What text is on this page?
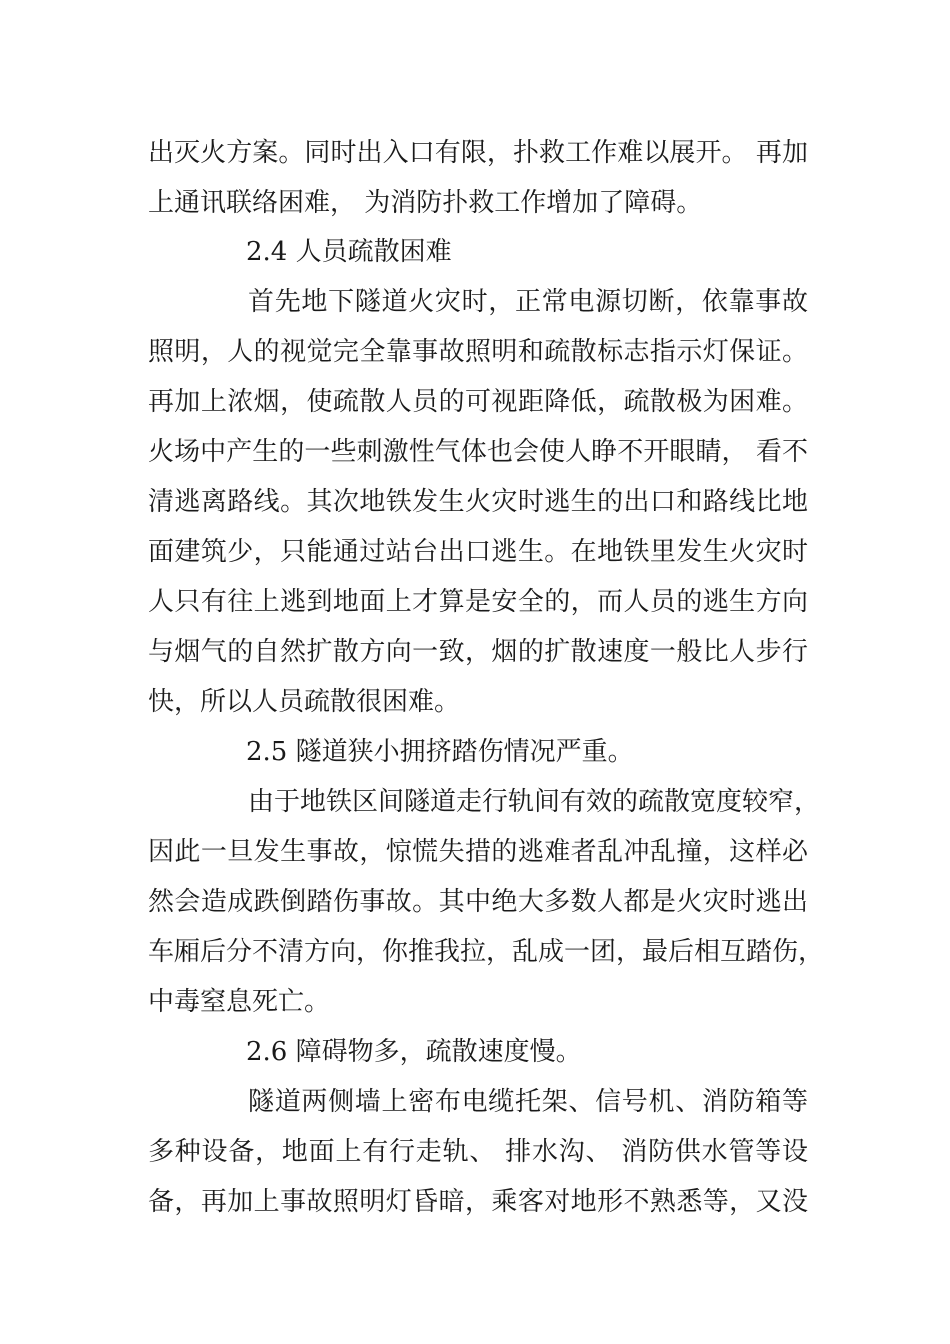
出灭火方案。同时出入口有限，扑救工作难以展开。 再加
上通讯联络困难， 为消防扑救工作增加了障碍。
2.4 人员疏散困难
首先地下隧道火灾时，正常电源切断，依靠事故
照明，人的视觉完全靠事故照明和疏散标志指示灯保证。
再加上浓烟，使疏散人员的可视距降低，疏散极为困难。
火场中产生的一些刺激性气体也会使人睁不开眼睛， 看不
清逃离路线。其次地铁发生火灾时逃生的出口和路线比地
面建筑少，只能通过站台出口逃生。在地铁里发生火灾时
人只有往上逃到地面上才算是安全的，而人员的逃生方向
与烟气的自然扩散方向一致，烟的扩散速度一般比人步行
快，所以人员疏散很困难。
2.5 隧道狭小拥挤踏伤情况严重。
由于地铁区间隧道走行轨间有效的疏散宽度较窄，
因此一旦发生事故，惊慌失措的逃难者乱冲乱撞，这样必
然会造成跌倒踏伤事故。其中绝大多数人都是火灾时逃出
车厢后分不清方向，你推我拉，乱成一团，最后相互踏伤，
中毒窒息死亡。
2.6 障碍物多，疏散速度慢。
隧道两侧墙上密布电缆托架、信号机、消防箱等
多种设备，地面上有行走轨、 排水沟、 消防供水管等设
备，再加上事故照明灯昏暗，乘客对地形不熟悉等，又没
